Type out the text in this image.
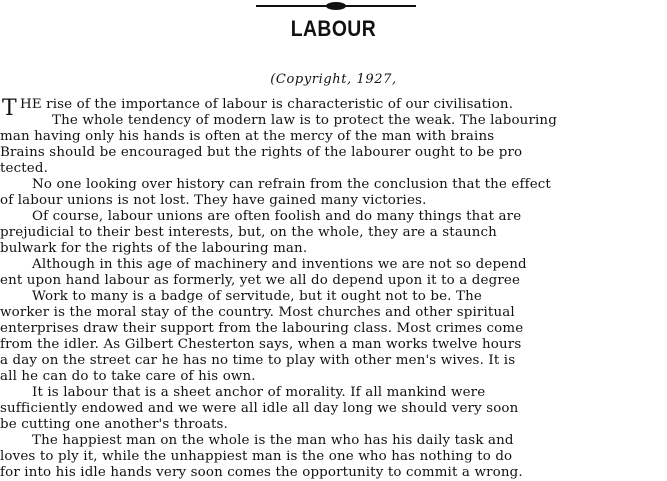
LABOUR
(Copyright, 1927,
T HE rise of the importance of labour is characteristic of our civilisation.
The whole tendency of modern law is to protect the weak. The labouring
man having only his hands is often at the mercy of the man with brains
Brains should be encouraged but the rights of the labourer ought to be pro
tected.
No one looking over history can refrain from the conclusion that the effect
of labour unions is not lost. They have gained many victories.
Of course, labour unions are often foolish and do many things that are
prejudicial to their best interests, but, on the whole, they are a staunch
bulwark for the rights of the labouring man.
Although in this age of machinery and inventions we are not so depend
ent upon hand labour as formerly, yet we all do depend upon it to a degree
Work to many is a badge of servitude, but it ought not to be. The
worker is the moral stay of the country. Most churches and other spiritual
enterprises draw their support from the labouring class. Most crimes come
from the idler. As Gilbert Chesterton says, when a man works twelve hours
a day on the street car he has no time to play with other men's wives. It is
all he can do to take care of his own.
It is labour that is a sheet anchor of morality. If all mankind were
sufficiently endowed and we were all idle all day long we should very soon
be cutting one another's throats.
The happiest man on the whole is the man who has his daily task and
loves to ply it, while the unhappiest man is the one who has nothing to do
for into his idle hands very soon comes the opportunity to commit a wrong.
